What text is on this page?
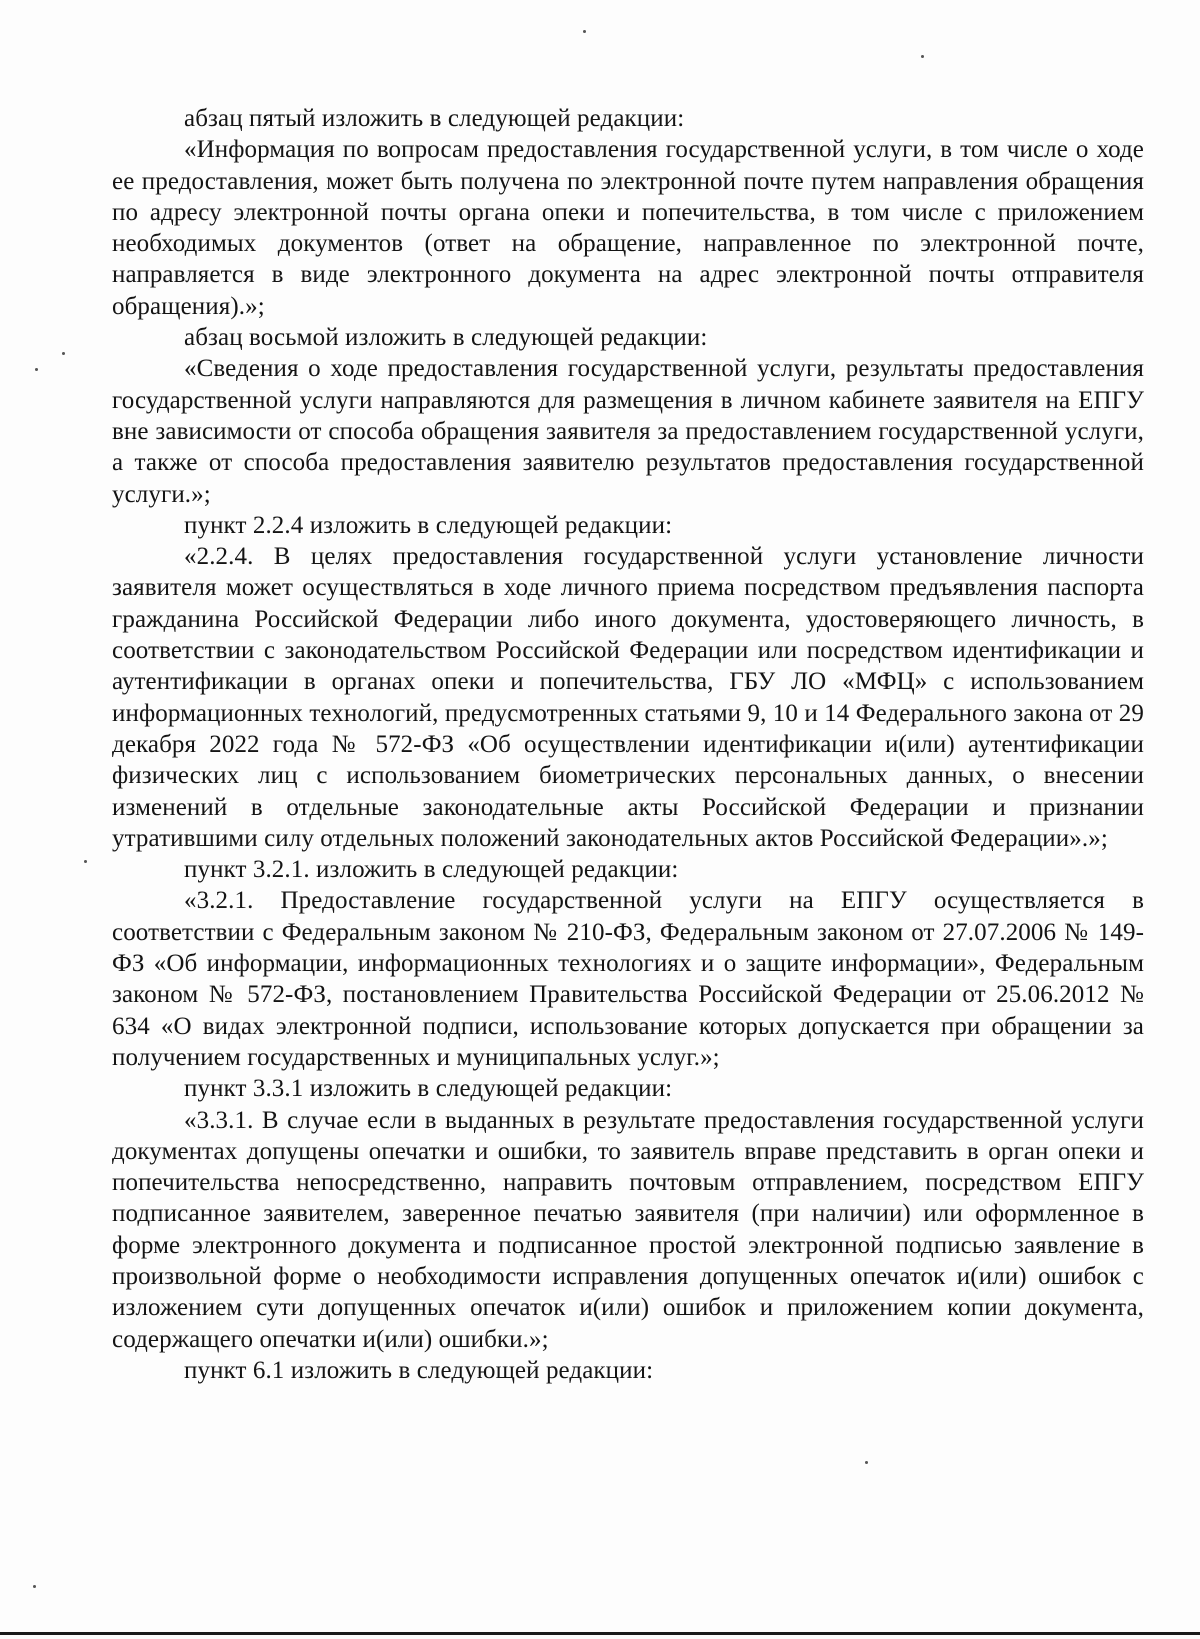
абзац пятый изложить в следующей редакции:

«Информация по вопросам предоставления государственной услуги, в том числе о ходе ее предоставления, может быть получена по электронной почте путем направления обращения по адресу электронной почты органа опеки и попечительства, в том числе с приложением необходимых документов (ответ на обращение, направленное по электронной почте, направляется в виде электронного документа на адрес электронной почты отправителя обращения).»;

абзац восьмой изложить в следующей редакции:

«Сведения о ходе предоставления государственной услуги, результаты предоставления государственной услуги направляются для размещения в личном кабинете заявителя на ЕПГУ вне зависимости от способа обращения заявителя за предоставлением государственной услуги, а также от способа предоставления заявителю результатов предоставления государственной услуги.»;

пункт 2.2.4 изложить в следующей редакции:

«2.2.4. В целях предоставления государственной услуги установление личности заявителя может осуществляться в ходе личного приема посредством предъявления паспорта гражданина Российской Федерации либо иного документа, удостоверяющего личность, в соответствии с законодательством Российской Федерации или посредством идентификации и аутентификации в органах опеки и попечительства, ГБУ ЛО «МФЦ» с использованием информационных технологий, предусмотренных статьями 9, 10 и 14 Федерального закона от 29 декабря 2022 года № 572-ФЗ «Об осуществлении идентификации и(или) аутентификации физических лиц с использованием биометрических персональных данных, о внесении изменений в отдельные законодательные акты Российской Федерации и признании утратившими силу отдельных положений законодательных актов Российской Федерации».»;

пункт 3.2.1. изложить в следующей редакции:

«3.2.1. Предоставление государственной услуги на ЕПГУ осуществляется в соответствии с Федеральным законом № 210-ФЗ, Федеральным законом от 27.07.2006 № 149-ФЗ «Об информации, информационных технологиях и о защите информации», Федеральным законом № 572-ФЗ, постановлением Правительства Российской Федерации от 25.06.2012 № 634 «О видах электронной подписи, использование которых допускается при обращении за получением государственных и муниципальных услуг.»;

пункт 3.3.1 изложить в следующей редакции:

«3.3.1. В случае если в выданных в результате предоставления государственной услуги документах допущены опечатки и ошибки, то заявитель вправе представить в орган опеки и попечительства непосредственно, направить почтовым отправлением, посредством ЕПГУ подписанное заявителем, заверенное печатью заявителя (при наличии) или оформленное в форме электронного документа и подписанное простой электронной подписью заявление в произвольной форме о необходимости исправления допущенных опечаток и(или) ошибок с изложением сути допущенных опечаток и(или) ошибок и приложением копии документа, содержащего опечатки и(или) ошибки.»;

пункт 6.1 изложить в следующей редакции:
